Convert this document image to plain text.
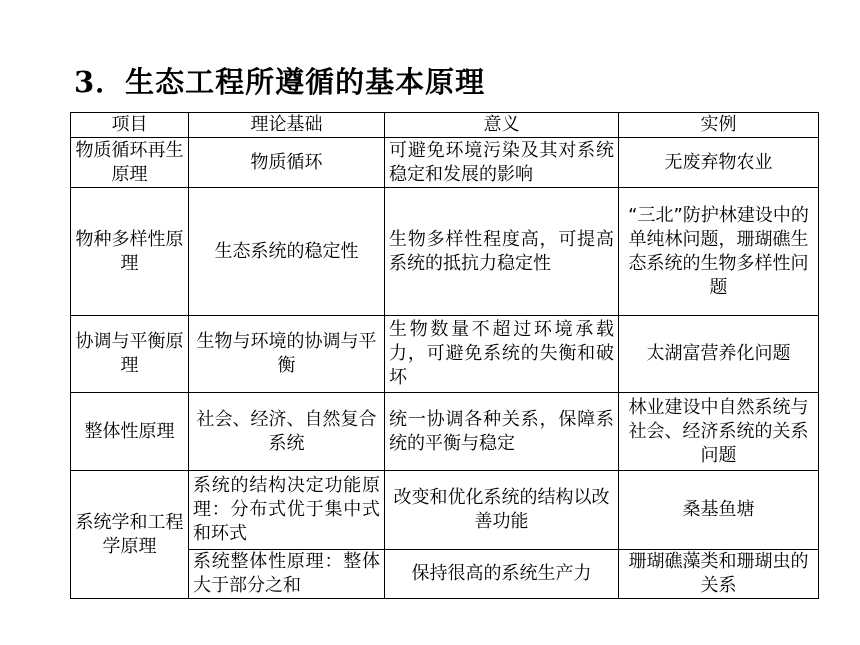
3．生态工程所遵循的基本原理
项目	理论基础	意义	实例
物质循环再生原理	物质循环	可避免环境污染及其对系统稳定和发展的影响	无废弃物农业
物种多样性原理	生态系统的稳定性	生物多样性程度高，可提高系统的抵抗力稳定性	“三北”防护林建设中的单纯林问题，珊瑚礁生态系统的生物多样性问题
协调与平衡原理	生物与环境的协调与平衡	生物数量不超过环境承载力，可避免系统的失衡和破坏	太湖富营养化问题
整体性原理	社会、经济、自然复合系统	统一协调各种关系，保障系统的平衡与稳定	林业建设中自然系统与社会、经济系统的关系问题
系统学和工程学原理	系统的结构决定功能原理：分布式优于集中式和环式	改变和优化系统的结构以改善功能	桑基鱼塘
	系统整体性原理：整体大于部分之和	保持很高的系统生产力	珊瑚礁藻类和珊瑚虫的关系
